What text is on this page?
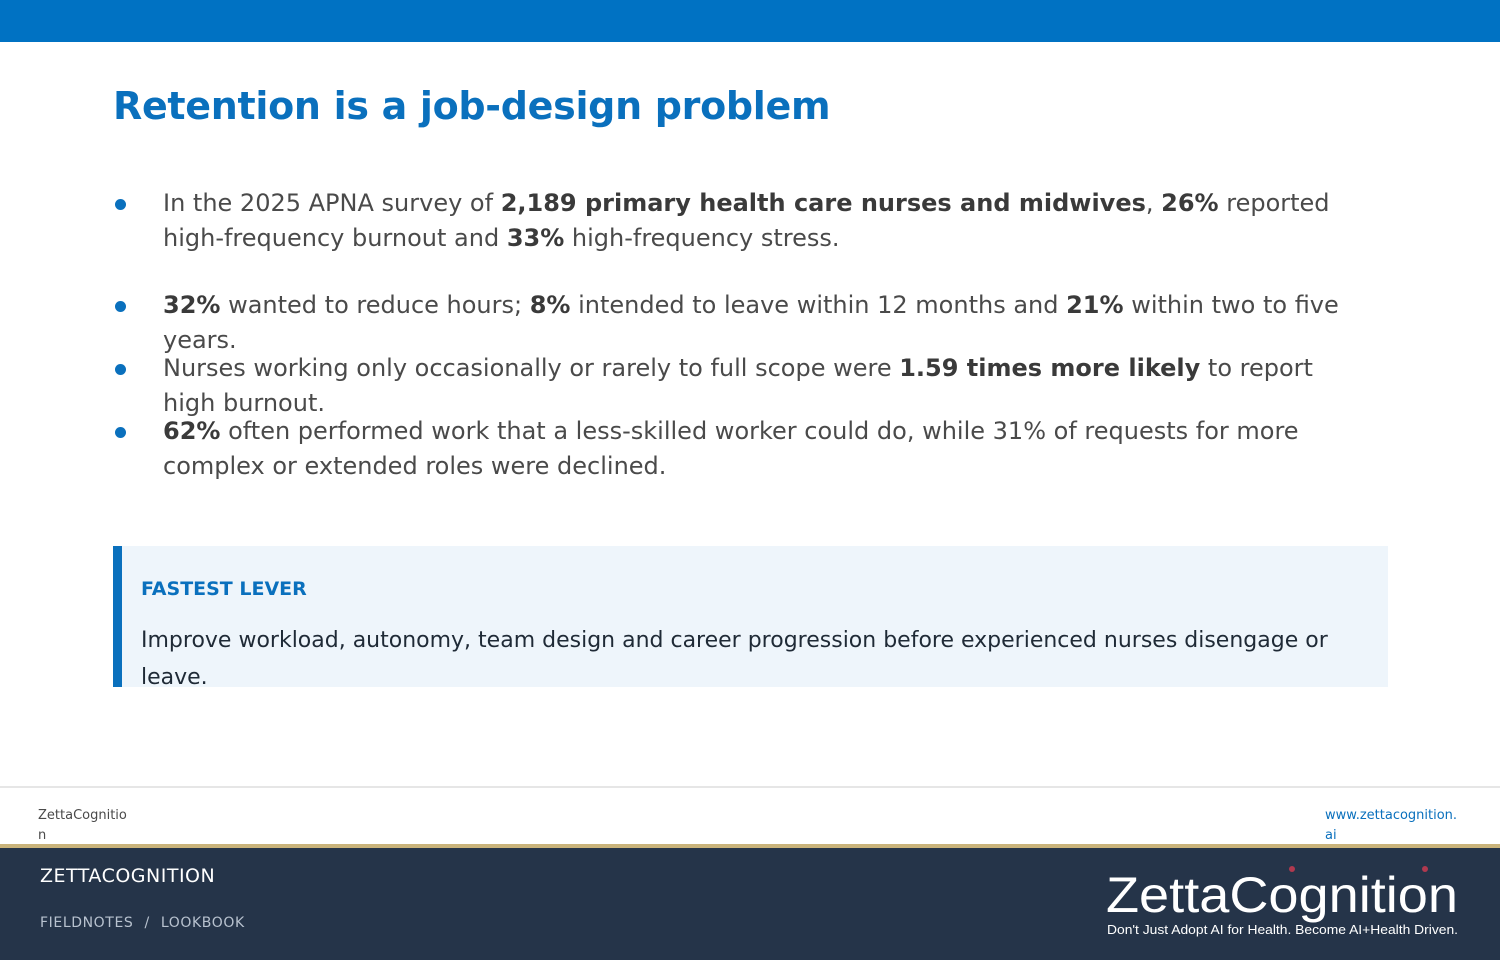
Retention is a job-design problem

In the 2025 APNA survey of 2,189 primary health care nurses and midwives, 26% reported high-frequency burnout and 33% high-frequency stress.

32% wanted to reduce hours; 8% intended to leave within 12 months and 21% within two to five years.

Nurses working only occasionally or rarely to full scope were 1.59 times more likely to report high burnout.

62% often performed work that a less-skilled worker could do, while 31% of requests for more complex or extended roles were declined.

FASTEST LEVER
Improve workload, autonomy, team design and career progression before experienced nurses disengage or leave.
ZettaCognition
www.zettacognition.ai
ZETTACOGNITION
FIELDNOTES / LOOKBOOK	ZettaCognition
Don't Just Adopt AI for Health. Become AI+Health Driven.
